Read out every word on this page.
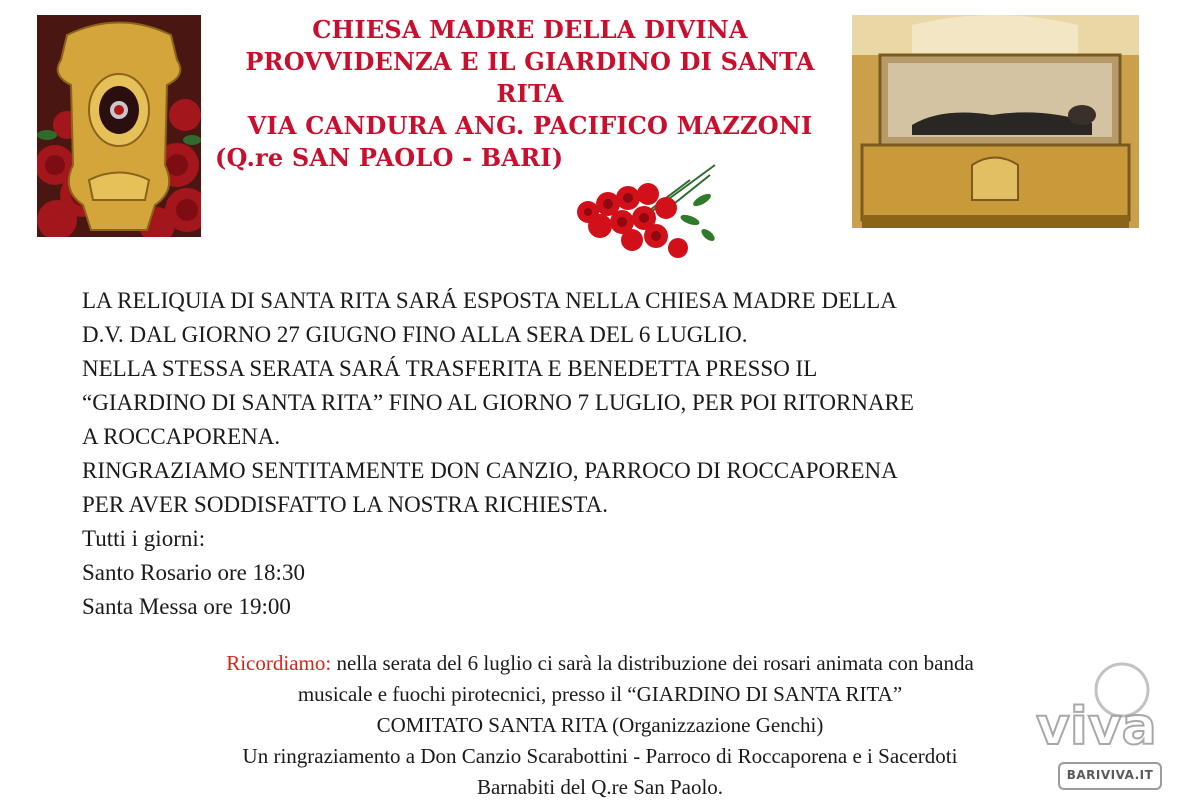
CHIESA MADRE DELLA DIVINA
PROVVIDENZA E IL GIARDINO DI SANTA
RITA
VIA CANDURA ANG. PACIFICO MAZZONI
(Q.re SAN PAOLO - BARI)
LA RELIQUIA DI SANTA RITA SARÁ ESPOSTA NELLA CHIESA MADRE DELLA
D.V. DAL GIORNO 27 GIUGNO FINO ALLA SERA DEL 6 LUGLIO.
NELLA STESSA SERATA SARÁ TRASFERITA E BENEDETTA PRESSO IL
“GIARDINO DI SANTA RITA” FINO AL GIORNO 7 LUGLIO, PER POI RITORNARE
A ROCCAPORENA.
RINGRAZIAMO SENTITAMENTE DON CANZIO, PARROCO DI ROCCAPORENA
PER AVER SODDISFATTO LA NOSTRA RICHIESTA.
Tutti i giorni:
Santo Rosario ore 18:30
Santa Messa ore 19:00
Ricordiamo: nella serata del 6 luglio ci sarà la distribuzione dei rosari animata con banda
musicale e fuochi pirotecnici, presso il “GIARDINO DI SANTA RITA”
COMITATO SANTA RITA (Organizzazione Genchi)
Un ringraziamento a Don Canzio Scarabottini - Parroco di Roccaporena e i Sacerdoti
Barnabiti del Q.re San Paolo.
viva
BARIVIVA.IT
